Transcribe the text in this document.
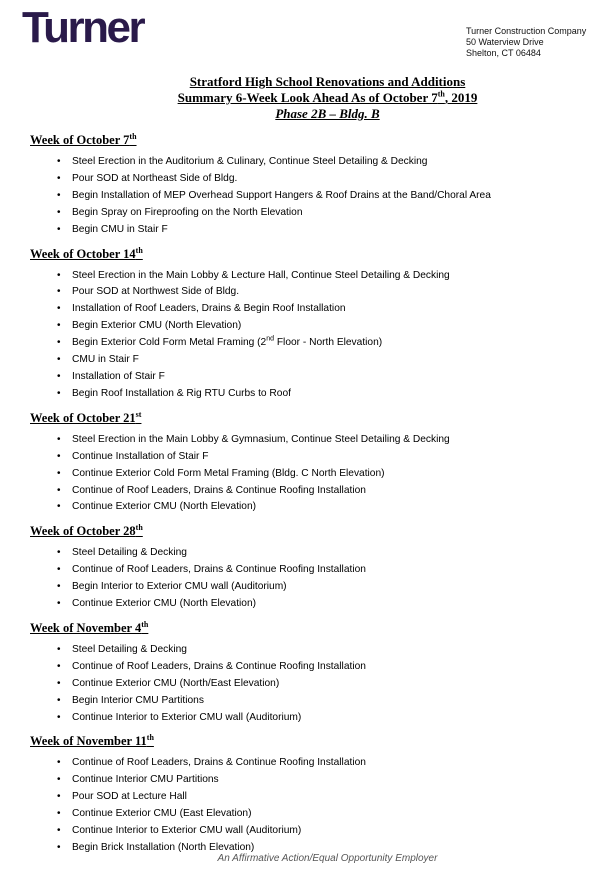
Turner	Turner Construction Company
50 Waterview Drive
Shelton, CT 06484
Stratford High School Renovations and Additions
Summary 6-Week Look Ahead As of October 7th, 2019
Phase 2B – Bldg. B
Week of October 7th
• Steel Erection in the Auditorium & Culinary, Continue Steel Detailing & Decking
• Pour SOD at Northeast Side of Bldg.
• Begin Installation of MEP Overhead Support Hangers & Roof Drains at the Band/Choral Area
• Begin Spray on Fireproofing on the North Elevation
• Begin CMU in Stair F
Week of October 14th
• Steel Erection in the Main Lobby & Lecture Hall, Continue Steel Detailing & Decking
• Pour SOD at Northwest Side of Bldg.
• Installation of Roof Leaders, Drains & Begin Roof Installation
• Begin Exterior CMU (North Elevation)
• Begin Exterior Cold Form Metal Framing (2nd Floor - North Elevation)
• CMU in Stair F
• Installation of Stair F
• Begin Roof Installation & Rig RTU Curbs to Roof
Week of October 21st
• Steel Erection in the Main Lobby & Gymnasium, Continue Steel Detailing & Decking
• Continue Installation of Stair F
• Continue Exterior Cold Form Metal Framing (Bldg. C North Elevation)
• Continue of Roof Leaders, Drains & Continue Roofing Installation
• Continue Exterior CMU (North Elevation)
Week of October 28th
• Steel Detailing & Decking
• Continue of Roof Leaders, Drains & Continue Roofing Installation
• Begin Interior to Exterior CMU wall (Auditorium)
• Continue Exterior CMU (North Elevation)
Week of November 4th
• Steel Detailing & Decking
• Continue of Roof Leaders, Drains & Continue Roofing Installation
• Continue Exterior CMU (North/East Elevation)
• Begin Interior CMU Partitions
• Continue Interior to Exterior CMU wall (Auditorium)
Week of November 11th
• Continue of Roof Leaders, Drains & Continue Roofing Installation
• Continue Interior CMU Partitions
• Pour SOD at Lecture Hall
• Continue Exterior CMU (East Elevation)
• Continue Interior to Exterior CMU wall (Auditorium)
• Begin Brick Installation (North Elevation)
An Affirmative Action/Equal Opportunity Employer
